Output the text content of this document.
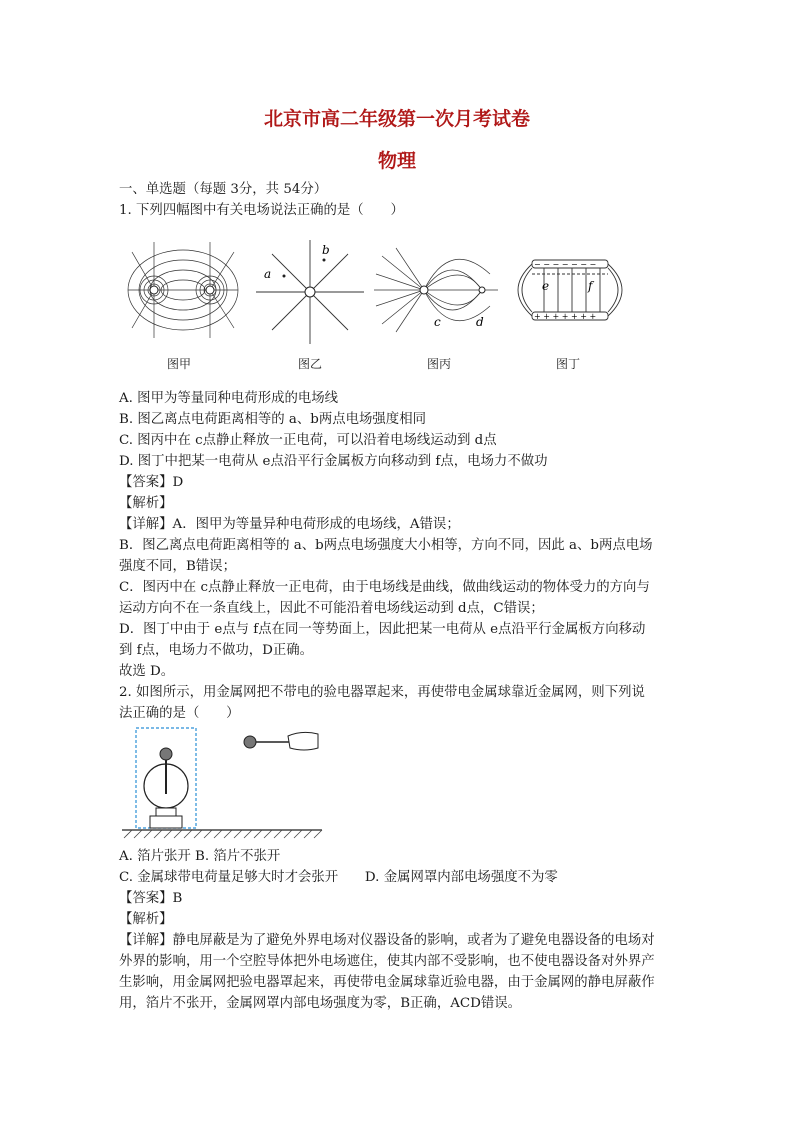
北京市高二年级第一次月考试卷
物理
一、单选题（每题 3分，共 54分）
1. 下列四幅图中有关电场说法正确的是（　　）
图甲
a
b
图乙
c	d
图丙
− − − − − − −
+ + + + + + +
e	f
图丁
A. 图甲为等量同种电荷形成的电场线
B. 图乙离点电荷距离相等的 a、b两点电场强度相同
C. 图丙中在 c点静止释放一正电荷，可以沿着电场线运动到 d点
D. 图丁中把某一电荷从 e点沿平行金属板方向移动到 f点，电场力不做功
【答案】D
【解析】
【详解】A．图甲为等量异种电荷形成的电场线，A错误；
B．图乙离点电荷距离相等的 a、b两点电场强度大小相等，方向不同，因此 a、b两点电场
强度不同，B错误；
C．图丙中在 c点静止释放一正电荷，由于电场线是曲线，做曲线运动的物体受力的方向与
运动方向不在一条直线上，因此不可能沿着电场线运动到 d点，C错误；
D．图丁中由于 e点与 f点在同一等势面上，因此把某一电荷从 e点沿平行金属板方向移动
到 f点，电场力不做功，D正确。
故选 D。
2. 如图所示，用金属网把不带电的验电器罩起来，再使带电金属球靠近金属网，则下列说
法正确的是（　　）
A. 箔片张开 B. 箔片不张开
C. 金属球带电荷量足够大时才会张开　　D. 金属网罩内部电场强度不为零
【答案】B
【解析】
【详解】静电屏蔽是为了避免外界电场对仪器设备的影响，或者为了避免电器设备的电场对
外界的影响，用一个空腔导体把外电场遮住，使其内部不受影响，也不使电器设备对外界产
生影响，用金属网把验电器罩起来，再使带电金属球靠近验电器，由于金属网的静电屏蔽作
用，箔片不张开，金属网罩内部电场强度为零，B正确，ACD错误。
